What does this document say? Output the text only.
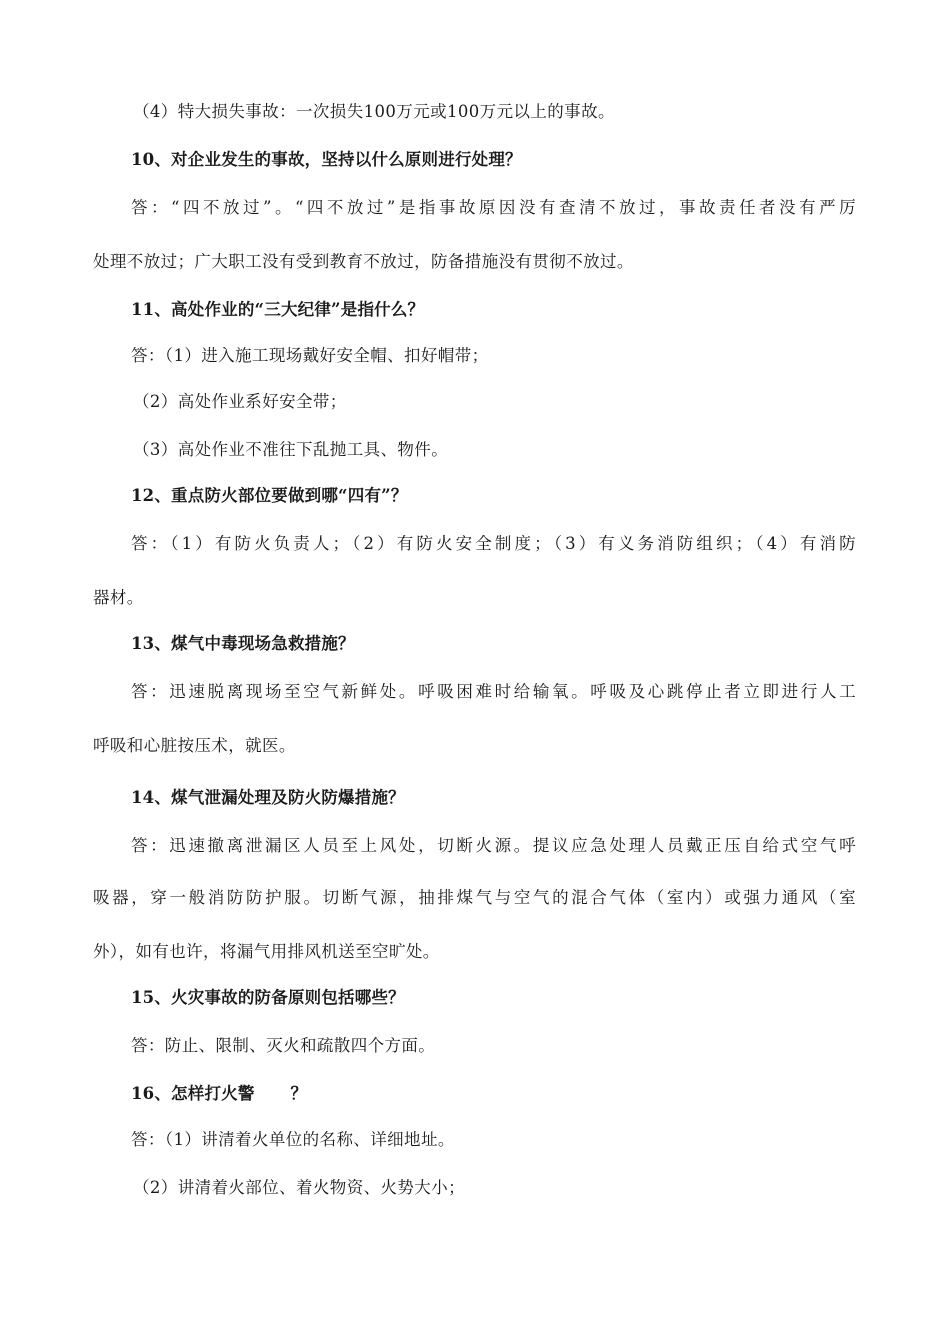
（4）特大损失事故：一次损失100万元或100万元以上的事故。
10、对企业发生的事故，坚持以什么原则进行处理？
答：“四不放过”。“四不放过”是指事故原因没有查清不放过，事故责任者没有严厉
处理不放过；广大职工没有受到教育不放过，防备措施没有贯彻不放过。
11、高处作业的“三大纪律”是指什么？
答：（1）进入施工现场戴好安全帽、扣好帽带；
（2）高处作业系好安全带；
（3）高处作业不准往下乱抛工具、物件。
12、重点防火部位要做到哪“四有”？
答：（1）有防火负责人；（2）有防火安全制度；（3）有义务消防组织；（4）有消防
器材。
13、煤气中毒现场急救措施？
答：迅速脱离现场至空气新鲜处。呼吸困难时给输氧。呼吸及心跳停止者立即进行人工
呼吸和心脏按压术，就医。
14、煤气泄漏处理及防火防爆措施？
答：迅速撤离泄漏区人员至上风处，切断火源。提议应急处理人员戴正压自给式空气呼
吸器，穿一般消防防护服。切断气源，抽排煤气与空气的混合气体（室内）或强力通风（室
外），如有也许，将漏气用排风机送至空旷处。
15、火灾事故的防备原则包括哪些？
答：防止、限制、灭火和疏散四个方面。
16、怎样打火警 ？
答：（1）讲清着火单位的名称、详细地址。
（2）讲清着火部位、着火物资、火势大小；
